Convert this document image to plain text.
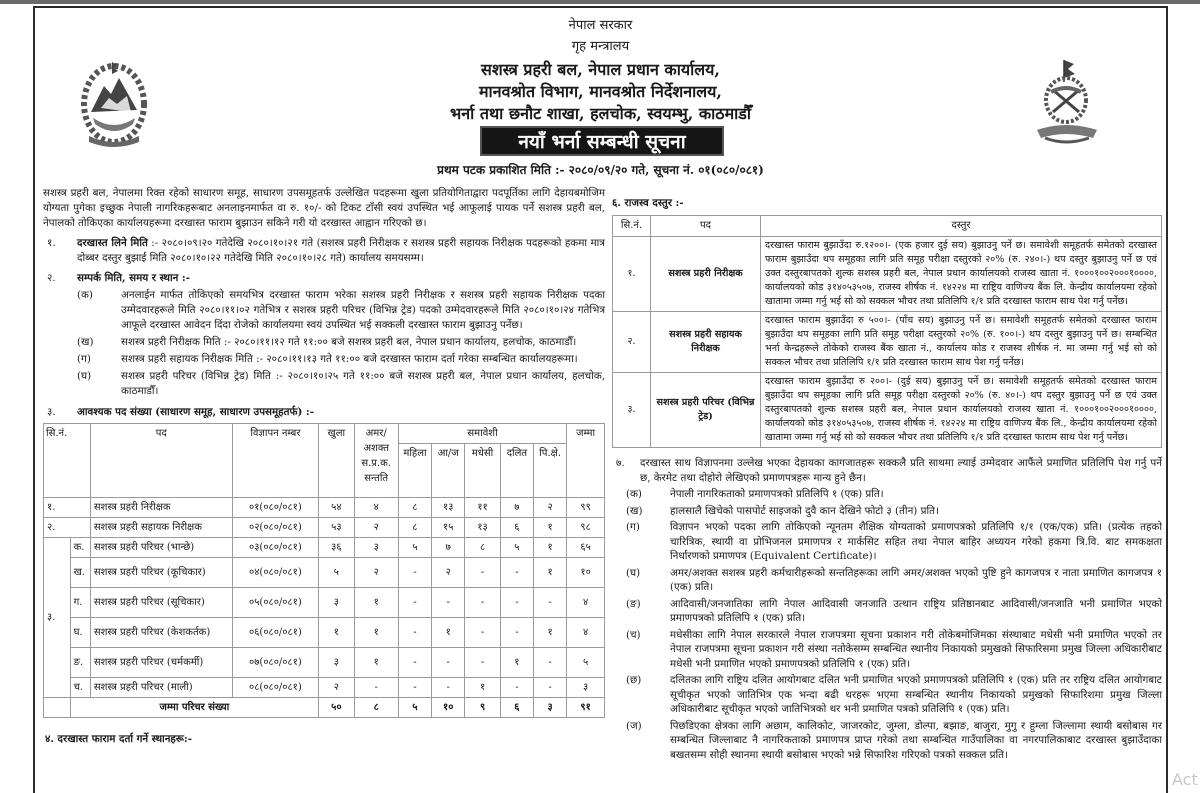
नेपाल सरकार
गृह मन्त्रालय
सशस्त्र प्रहरी बल, नेपाल प्रधान कार्यालय,
मानवश्रोत विभाग, मानवश्रोत निर्देशनालय,
भर्ना तथा छनौट शाखा, हलचोक, स्वयम्भु, काठमाडौँ
नयाँ भर्ना सम्बन्धी सूचना
प्रथम पटक प्रकाशित मिति :- २०८०/०९/२० गते, सूचना नं. ०१(०८०/०८१)

सशस्त्र प्रहरी बल, नेपालमा रिक्त रहेको साधारण समूह, साधारण उपसमूहतर्फ उल्लेखित पदहरूमा खुला प्रतियोगिताद्वारा पदपूर्तिका लागि देहायबमोजिम योग्यता पुगेका इच्छुक नेपाली नागरिकहरूबाट अनलाइनमार्फत वा रु. १०/- को टिकट टाँसी स्वयं उपस्थित भई आफूलाई पायक पर्ने सशस्त्र प्रहरी बल, नेपालको तोकिएका कार्यालयहरूमा दरखास्त फाराम बुझाउन सकिने गरी यो दरखास्त आह्वान गरिएको छ।

१.	दरखास्त लिने मिति :- २०८०।०९।२० गतेदेखि २०८०।१०।२१ गते (सशस्त्र प्रहरी निरीक्षक र सशस्त्र प्रहरी सहायक निरीक्षक पदहरूको हकमा मात्र दोब्बर दस्तुर बुझाई मिति २०८०।१०।२२ गतेदेखि मिति २०८०।१०।२८ गते) कार्यालय समयसम्म।
२.	सम्पर्क मिति, समय र स्थान :-
(क)	अनलाईन मार्फत तोकिएको समयभित्र दरखास्त फाराम भरेका सशस्त्र प्रहरी निरीक्षक र सशस्त्र प्रहरी सहायक निरीक्षक पदका उम्मेदवारहरूले मिति २०८०।११।०२ गतेभित्र र सशस्त्र प्रहरी परिचर (विभिन्न ट्रेड) पदको उम्मेदवारहरूले मिति २०८०।१०।२४ गतेभित्र आफूले दरखास्त आवेदन दिंदा रोजेको कार्यालयमा स्वयं उपस्थित भई सक्कली दरखास्त फाराम बुझाउनु पर्नेछ।
(ख)	सशस्त्र प्रहरी निरीक्षक मिति :- २०८०।११।१२ गते ११:०० बजे सशस्त्र प्रहरी बल, नेपाल प्रधान कार्यालय, हलचोक, काठमाडौँ।
(ग)	सशस्त्र प्रहरी सहायक निरीक्षक मिति :- २०८०।११।१३ गते ११:०० बजे दरखास्त फाराम दर्ता गरेका सम्बन्धित कार्यालयहरूमा।
(घ)	सशस्त्र प्रहरी परिचर (विभिन्न ट्रेड) मिति :- २०८०।१०।२५ गते ११:०० बजे सशस्त्र प्रहरी बल, नेपाल प्रधान कार्यालय, हलचोक, काठमाडौँ।
३.	आवश्यक पद संख्या (साधारण समूह, साधारण उपसमूहतर्फ) :-
सि.नं.		पद	विज्ञापन नम्बर	खुला	अमर/ अशक्त स.प्र.क. सन्तति	समावेशी					जम्मा
						महिला	आ/ज	मधेसी	दलित	पि.क्षे.	
१.		सशस्त्र प्रहरी निरीक्षक	०१(०८०/०८१)	५४	४	८	१३	११	७	२	९९
२.		सशस्त्र प्रहरी सहायक निरीक्षक	०२(०८०/०८१)	५३	२	८	१५	१३	६	१	९८
३.	क.	सशस्त्र प्रहरी परिचर (भान्छे)	०३(०८०/०८१)	३६	३	५	७	८	५	१	६५
	ख.	सशस्त्र प्रहरी परिचर (कूचिकार)	०४(०८०/०८१)	५	२	-	२	-	-	१	१०
	ग.	सशस्त्र प्रहरी परिचर (सूचिकार)	०५(०८०/०८१)	३	१	-	-	-	-	-	४
	घ.	सशस्त्र प्रहरी परिचर (केशकर्तक)	०६(०८०/०८१)	१	१	-	१	-	-	१	४
	ङ.	सशस्त्र प्रहरी परिचर (चर्मकर्मी)	०७(०८०/०८१)	३	१	-	-	-	१	-	५
	च.	सशस्त्र प्रहरी परिचर (माली)	०८(०८०/०८१)	२	-	-	-	१	-	-	३
	जम्मा परिचर संख्या			५०	८	५	१०	९	६	३	९१
४. दरखास्त फाराम दर्ता गर्ने स्थानहरू:-
६. राजस्व दस्तुर :-
सि.नं.	पद	दस्तुर
१.	सशस्त्र प्रहरी निरीक्षक	दरखास्त फाराम बुझाउँदा रु.१२००।- (एक हजार दुई सय) बुझाउनु पर्ने छ। समावेशी समूहतर्फ समेतको दरखास्त फाराम बुझाउँदा थप समूहका लागि प्रति समूह परीक्षा दस्तुरको २०% (रु. २४०।-) थप दस्तुर बुझाउनु पर्ने छ एवं उक्त दस्तुरबापतको शुल्क सशस्त्र प्रहरी बल, नेपाल प्रधान कार्यालयको राजस्व खाता नं. १०००१००२०००१००००, कार्यालयको कोड ३१४०५३५०७, राजस्व शीर्षक नं. १४२२४ मा राष्ट्रिय वाणिज्य बैंक लि. केन्द्रीय कार्यालयमा रहेको खातामा जम्मा गर्नु भई सो को सक्कल भौचर तथा प्रतिलिपि १/१ प्रति दरखास्त फाराम साथ पेश गर्नु पर्नेछ।
२.	सशस्त्र प्रहरी सहायक निरीक्षक	दरखास्त फाराम बुझाउँदा रु ५००।- (पाँच सय) बुझाउनु पर्ने छ। समावेशी समूहतर्फ समेतको दरखास्त फाराम बुझाउँदा थप समूहका लागि प्रति समूह परीक्षा दस्तुरको २०% (रु. १००।-) थप दस्तुर बुझाउनु पर्ने छ। सम्बन्धित भर्ना केन्द्रहरूले तोकेको राजस्व बैंक खाता नं., कार्यालय कोड र राजस्व शीर्षक नं. मा जम्मा गर्नु भई सो को सक्कल भौचर तथा प्रतिलिपि १/१ प्रति दरखास्त फाराम साथ पेश गर्नु पर्नेछ।
३.	सशस्त्र प्रहरी परिचर (विभिन्न ट्रेड)	दरखास्त फाराम बुझाउँदा रु २००।- (दुई सय) बुझाउनु पर्ने छ। समावेशी समूहतर्फ समेतको दरखास्त फाराम बुझाउँदा थप समूहका लागि प्रति समूह परीक्षा दस्तुरको २०% (रु. ४०।-) थप दस्तुर बुझाउनु पर्ने छ एवं उक्त दस्तुरबापतको शुल्क सशस्त्र प्रहरी बल, नेपाल प्रधान कार्यालयको राजस्व खाता नं. १०००१००२०००१००००, कार्यालयको कोड ३१४०५३५०७, राजस्व शीर्षक नं. १४२२४ मा राष्ट्रिय वाणिज्य बैंक लि., केन्द्रीय कार्यालयमा रहेको खातामा जम्मा गर्नु भई सो को सक्कल भौचर तथा प्रतिलिपि १/१ प्रति दरखास्त फाराम साथ पेश गर्नु पर्नेछ।
७.	दरखास्त साथ विज्ञापनमा उल्लेख भएका देहायका कागजातहरू सक्कलै प्रति साथमा ल्याई उम्मेदवार आफैंले प्रमाणित प्रतिलिपि पेश गर्नु पर्ने छ, केरमेट तथा दोहोरो लेखिएको प्रमाणपत्रहरू मान्य हुने छैन।
(क)	नेपाली नागरिकताको प्रमाणपत्रको प्रतिलिपि १ (एक) प्रति।
(ख)	हालसालै खिचेको पासपोर्ट साइजको दुवै कान देखिने फोटो ३ (तीन) प्रति।
(ग)	विज्ञापन भएको पदका लागि तोकिएको न्यूनतम शैक्षिक योग्यताको प्रमाणपत्रको प्रतिलिपि १/१ (एक/एक) प्रति। (प्रत्येक तहको चारित्रिक, स्थायी वा प्रोभिजनल प्रमाणपत्र र मार्कसिट सहित तथा नेपाल बाहिर अध्ययन गरेको हकमा त्रि.वि. बाट समकक्षता निर्धारणको प्रमाणपत्र (Equivalent Certificate)।
(घ)	अमर/अशक्त सशस्त्र प्रहरी कर्मचारीहरूको सन्ततिहरूका लागि अमर/अशक्त भएको पुष्टि हुने कागजपत्र र नाता प्रमाणित कागजपत्र १ (एक) प्रति।
(ङ)	आदिवासी/जनजातिका लागि नेपाल आदिवासी जनजाति उत्थान राष्ट्रिय प्रतिष्ठानबाट आदिवासी/जनजाति भनी प्रमाणित भएको प्रमाणपत्रको प्रतिलिपि १ (एक) प्रति।
(च)	मधेसीका लागि नेपाल सरकारले नेपाल राजपत्रमा सूचना प्रकाशन गरी तोकेबमोजिमका संस्थाबाट मधेसी भनी प्रमाणित भएको तर नेपाल राजपत्रमा सूचना प्रकाशन गरी संस्था नतोकेसम्म सम्बन्धित स्थानीय निकायको प्रमुखको सिफारिसमा प्रमुख जिल्ला अधिकारीबाट मधेसी भनी प्रमाणित भएको प्रमाणपत्रको प्रतिलिपि १ (एक) प्रति।
(छ)	दलितका लागि राष्ट्रिय दलित आयोगबाट दलित भनी प्रमाणित भएको प्रमाणपत्रको प्रतिलिपि १ (एक) प्रति तर राष्ट्रिय दलित आयोगबाट सूचीकृत भएको जातिभित्र एक भन्दा बढी थरहरू भएमा सम्बन्धित स्थानीय निकायको प्रमुखको सिफारिशमा प्रमुख जिल्ला अधिकारीबाट सूचीकृत भएको जातिभित्रको थर भनी प्रमाणित पत्रको प्रतिलिपि १ (एक) प्रति।
(ज)	पिछडिएका क्षेत्रका लागि अछाम, कालिकोट, जाजरकोट, जुम्ला, डोल्पा, बझाङ, बाजुरा, मुगु र हुम्ला जिल्लामा स्थायी बसोबास गर सम्बन्धित जिल्लाबाट नै नागरिकताको प्रमाणपत्र प्राप्त गरेको तथा सम्बन्धित गाउँपालिका वा नगरपालिकाबाट दरखास्त बुझाउँदाका बखतसम्म सोही स्थानमा स्थायी बसोबास भएको भन्ने सिफारिश गरिएको पत्रको सक्कल प्रति।
Act
